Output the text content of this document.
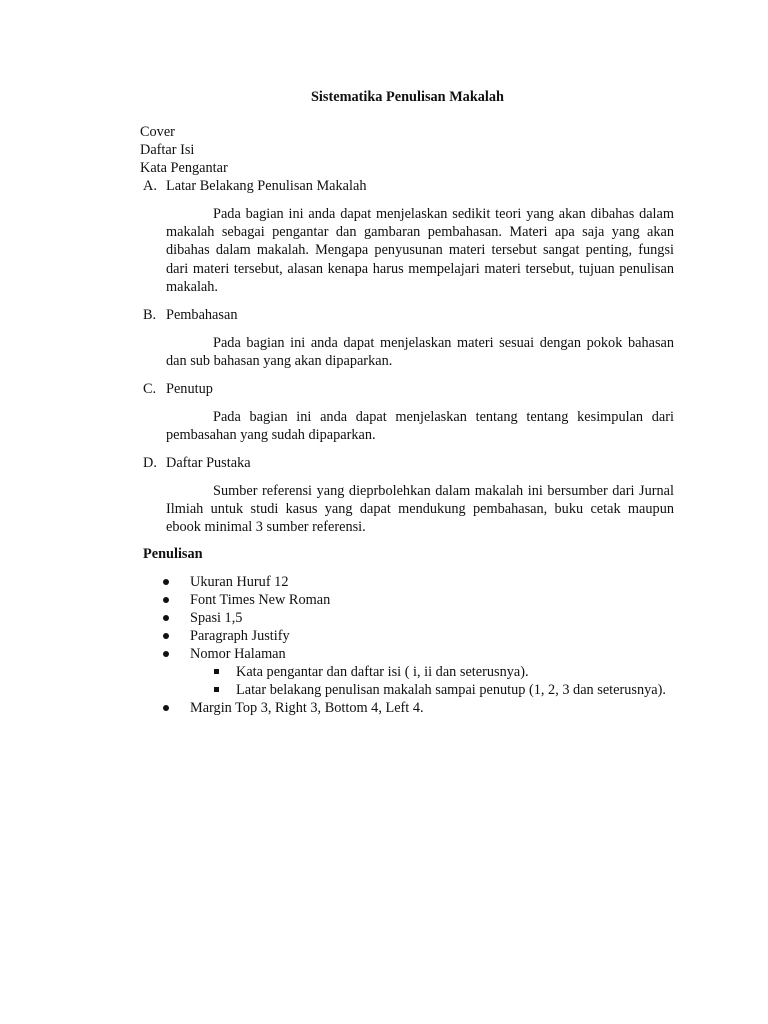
Sistematika Penulisan Makalah
Cover
Daftar Isi
Kata Pengantar
A. Latar Belakang Penulisan Makalah

Pada bagian ini anda dapat menjelaskan sedikit teori yang akan dibahas dalam makalah sebagai pengantar dan gambaran pembahasan. Materi apa saja yang akan dibahas dalam makalah. Mengapa penyusunan materi tersebut sangat penting, fungsi dari materi tersebut, alasan kenapa harus mempelajari materi tersebut, tujuan penulisan makalah.

B. Pembahasan

Pada bagian ini anda dapat menjelaskan materi sesuai dengan pokok bahasan dan sub bahasan yang akan dipaparkan.

C. Penutup

Pada bagian ini anda dapat menjelaskan tentang tentang kesimpulan dari pembasahan yang sudah dipaparkan.

D. Daftar Pustaka

Sumber referensi yang dieprbolehkan dalam makalah ini bersumber dari Jurnal Ilmiah untuk studi kasus yang dapat mendukung pembahasan, buku cetak maupun ebook minimal 3 sumber referensi.

Penulisan
Ukuran Huruf 12
Font Times New Roman
Spasi 1,5
Paragraph Justify
Nomor Halaman
Kata pengantar dan daftar isi ( i, ii dan seterusnya).
Latar belakang penulisan makalah sampai penutup (1, 2, 3 dan seterusnya).
Margin Top 3, Right 3, Bottom 4, Left 4.
